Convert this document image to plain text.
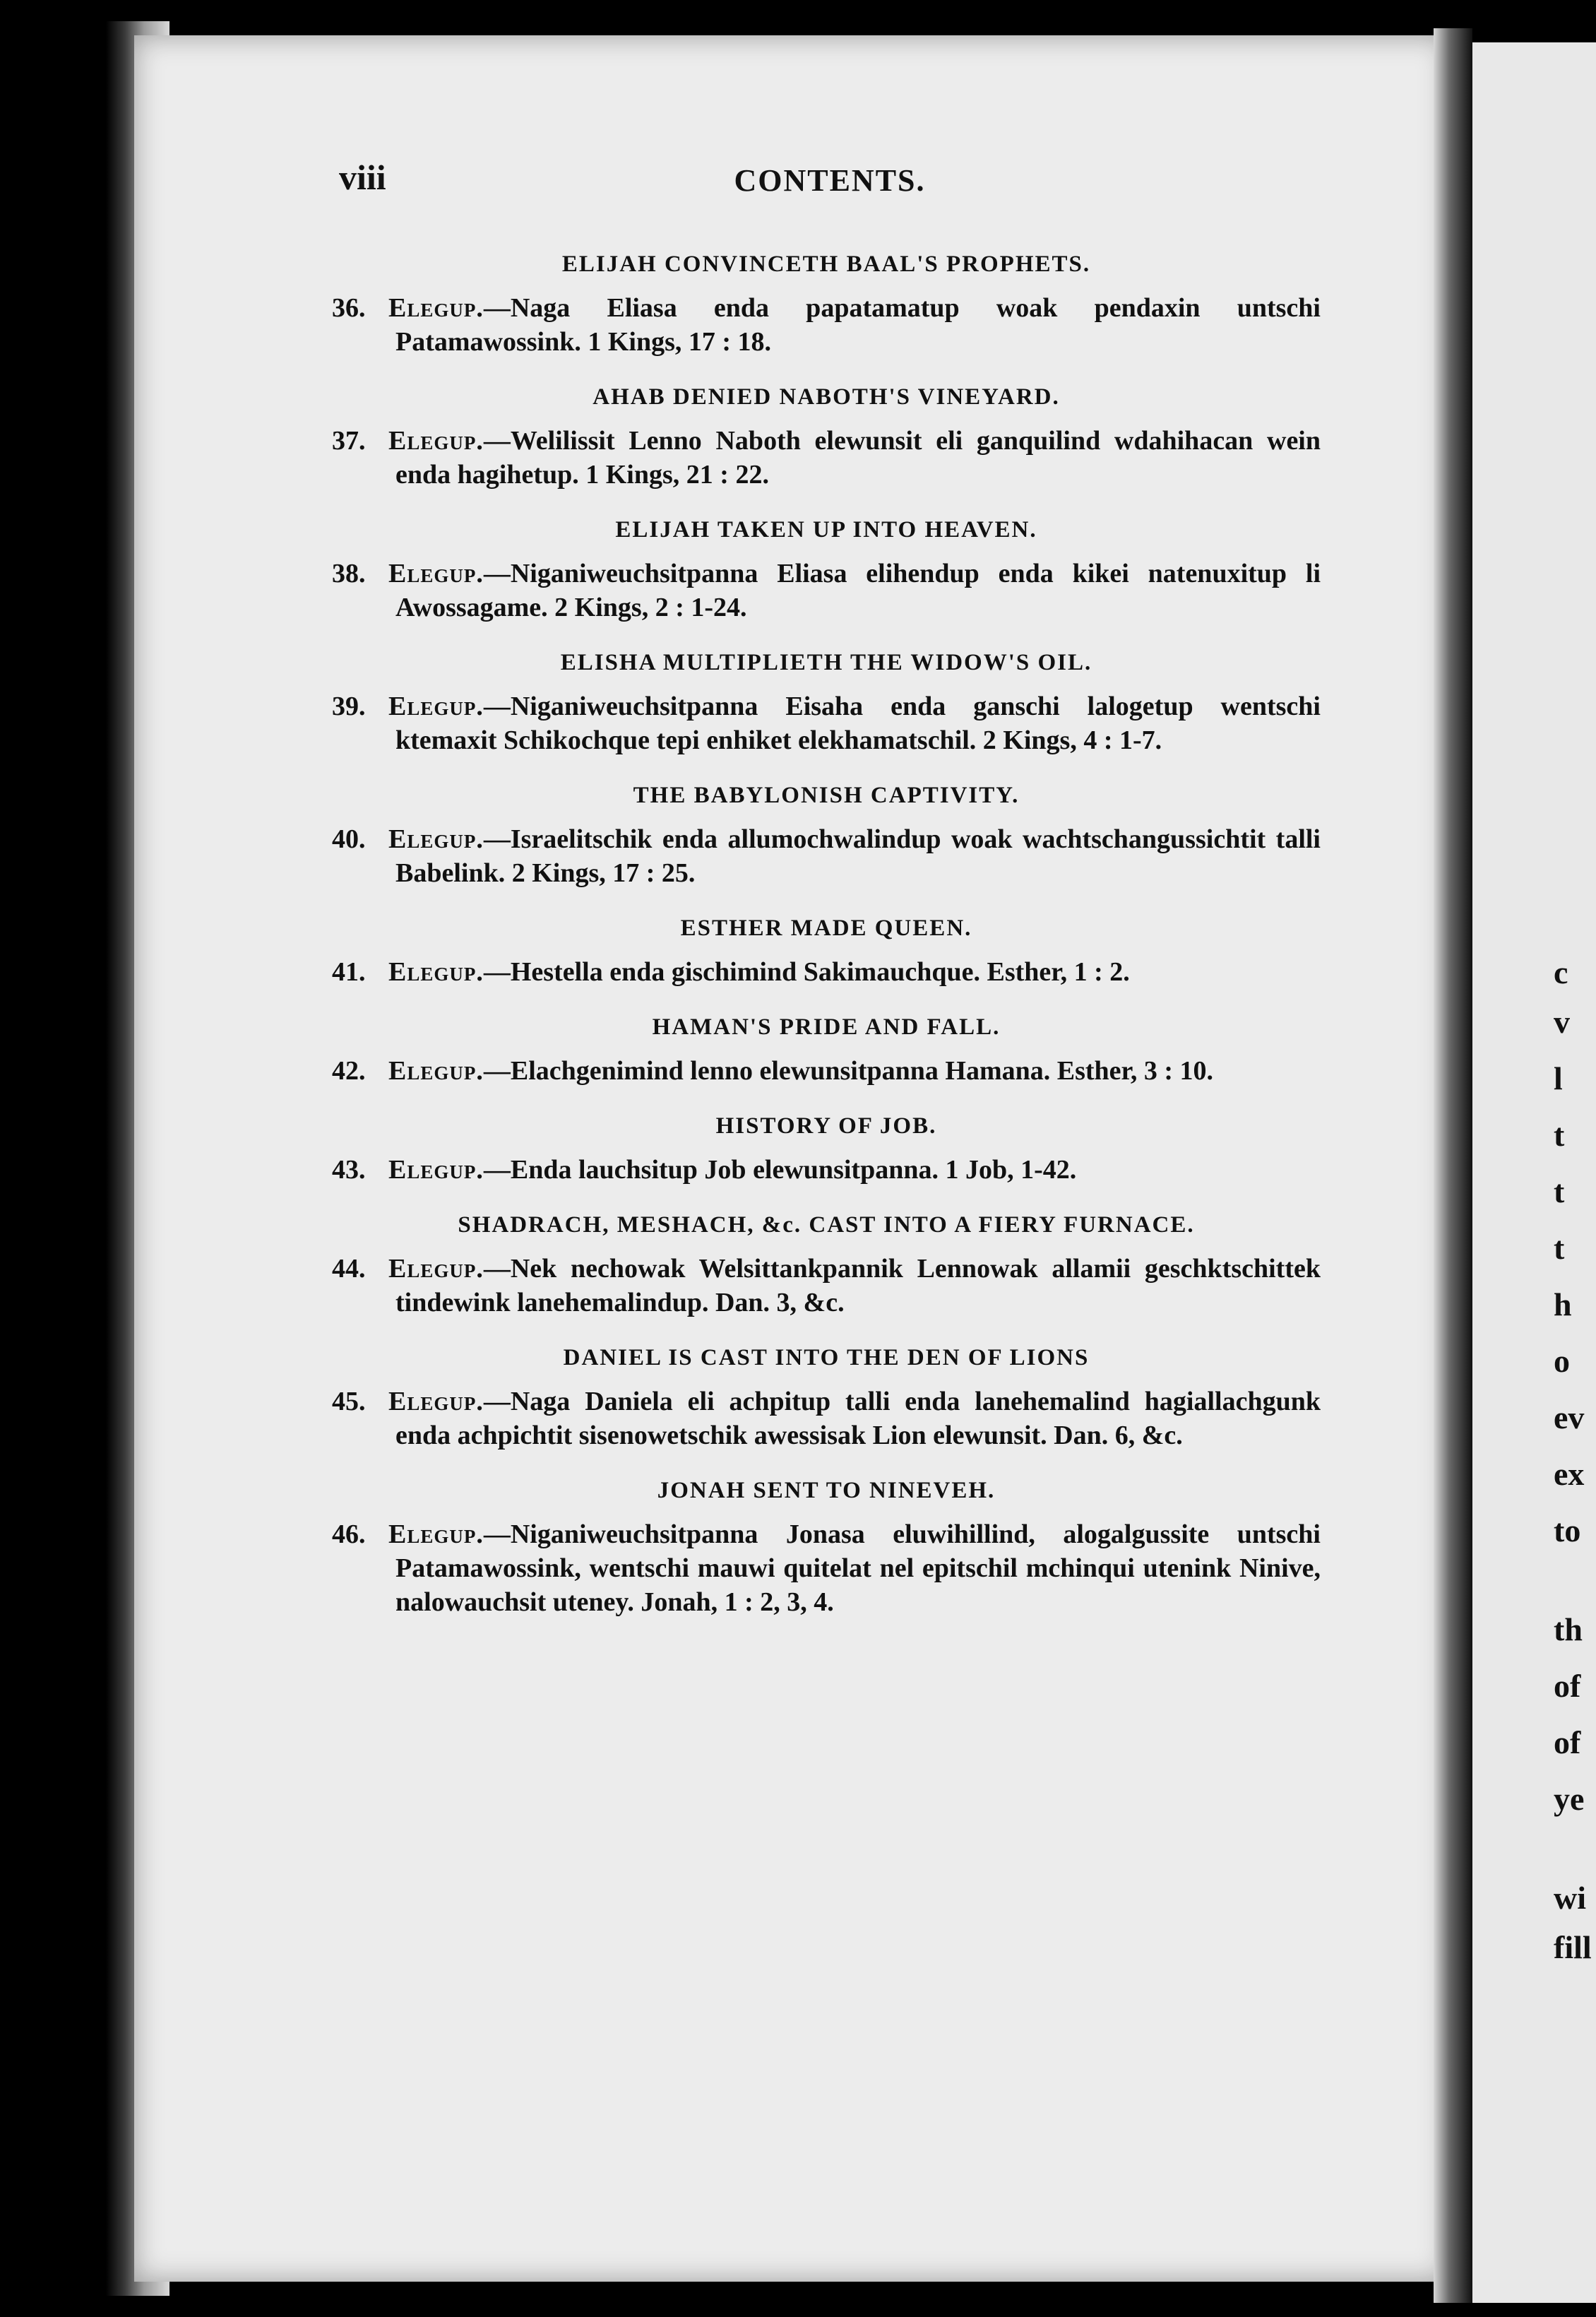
c
v
l
t
t
t
h
o
ev
ex
to
th
of
of
ye
wi
fill
viii	CONTENTS.
ELIJAH CONVINCETH BAAL'S PROPHETS.

36. Elegup.—Naga Eliasa enda papatamatup woak pendaxin untschi Patamawossink. 1 Kings, 17 : 18.

AHAB DENIED NABOTH'S VINEYARD.

37. Elegup.—Welilissit Lenno Naboth elewunsit eli ganquilind wdahihacan wein enda hagihetup. 1 Kings, 21 : 22.

ELIJAH TAKEN UP INTO HEAVEN.

38. Elegup.—Niganiweuchsitpanna Eliasa elihendup enda kikei natenuxitup li Awossagame. 2 Kings, 2 : 1-24.

ELISHA MULTIPLIETH THE WIDOW'S OIL.

39. Elegup.—Niganiweuchsitpanna Eisaha enda ganschi lalogetup wentschi ktemaxit Schikochque tepi enhiket elekhamatschil. 2 Kings, 4 : 1-7.

THE BABYLONISH CAPTIVITY.

40. Elegup.—Israelitschik enda allumochwalindup woak wachtschangussichtit talli Babelink. 2 Kings, 17 : 25.

ESTHER MADE QUEEN.

41. Elegup.—Hestella enda gischimind Sakimauchque. Esther, 1 : 2.

HAMAN'S PRIDE AND FALL.

42. Elegup.—Elachgenimind lenno elewunsitpanna Hamana. Esther, 3 : 10.

HISTORY OF JOB.

43. Elegup.—Enda lauchsitup Job elewunsitpanna. 1 Job, 1-42.

SHADRACH, MESHACH, &c. CAST INTO A FIERY FURNACE.

44. Elegup.—Nek nechowak Welsittankpannik Lennowak allamii geschktschittek tindewink lanehemalindup. Dan. 3, &c.

DANIEL IS CAST INTO THE DEN OF LIONS

45. Elegup.—Naga Daniela eli achpitup talli enda lanehemalind hagiallachgunk enda achpichtit sisenowetschik awessisak Lion elewunsit. Dan. 6, &c.

JONAH SENT TO NINEVEH.

46. Elegup.—Niganiweuchsitpanna Jonasa eluwihillind, alogalgussite untschi Patamawossink, wentschi mauwi quitelat nel epitschil mchinqui utenink Ninive, nalowauchsit uteney. Jonah, 1 : 2, 3, 4.
